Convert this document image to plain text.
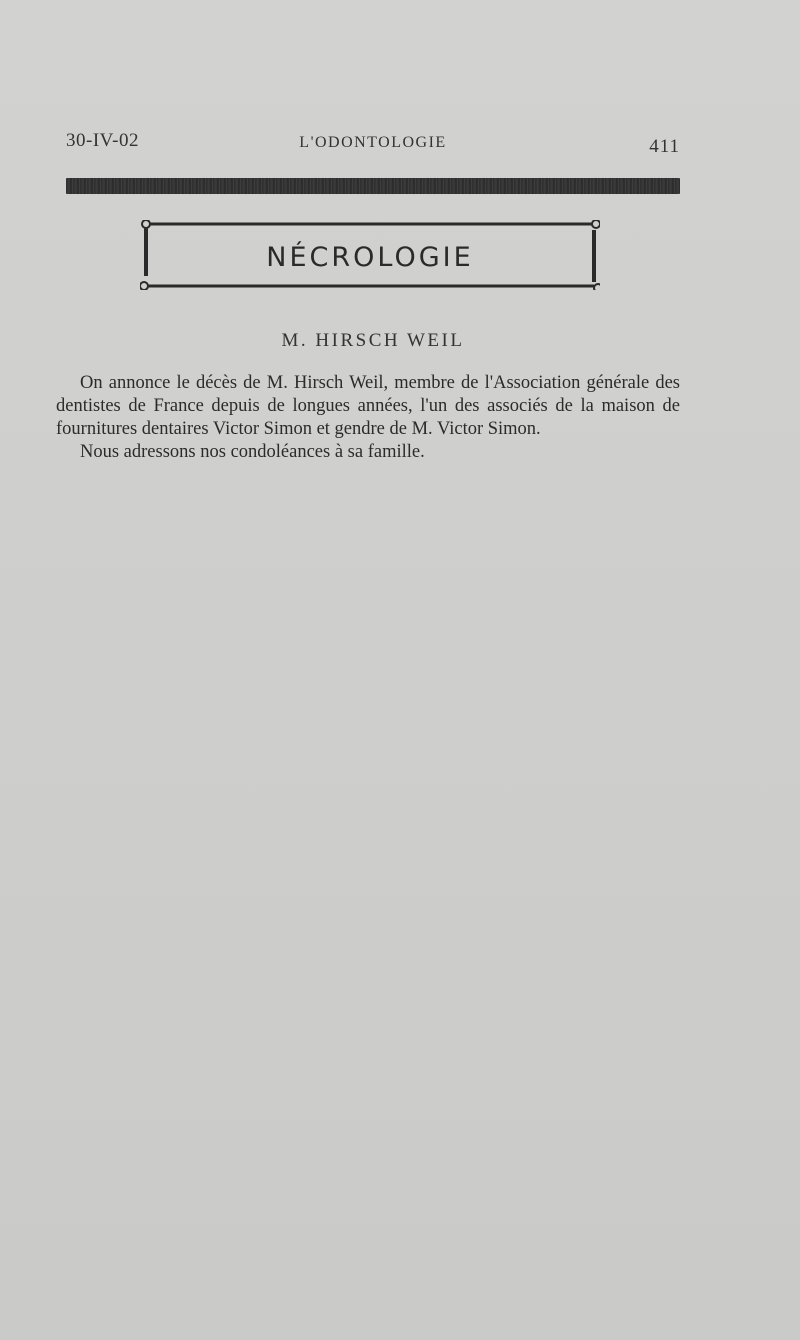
30-IV-02	L'ODONTOLOGIE	411
NÉCROLOGIE
M. HIRSCH WEIL

On annonce le décès de M. Hirsch Weil, membre de l'Association générale des dentistes de France depuis de longues années, l'un des associés de la maison de fournitures dentaires Victor Simon et gendre de M. Victor Simon.

Nous adressons nos condoléances à sa famille.
